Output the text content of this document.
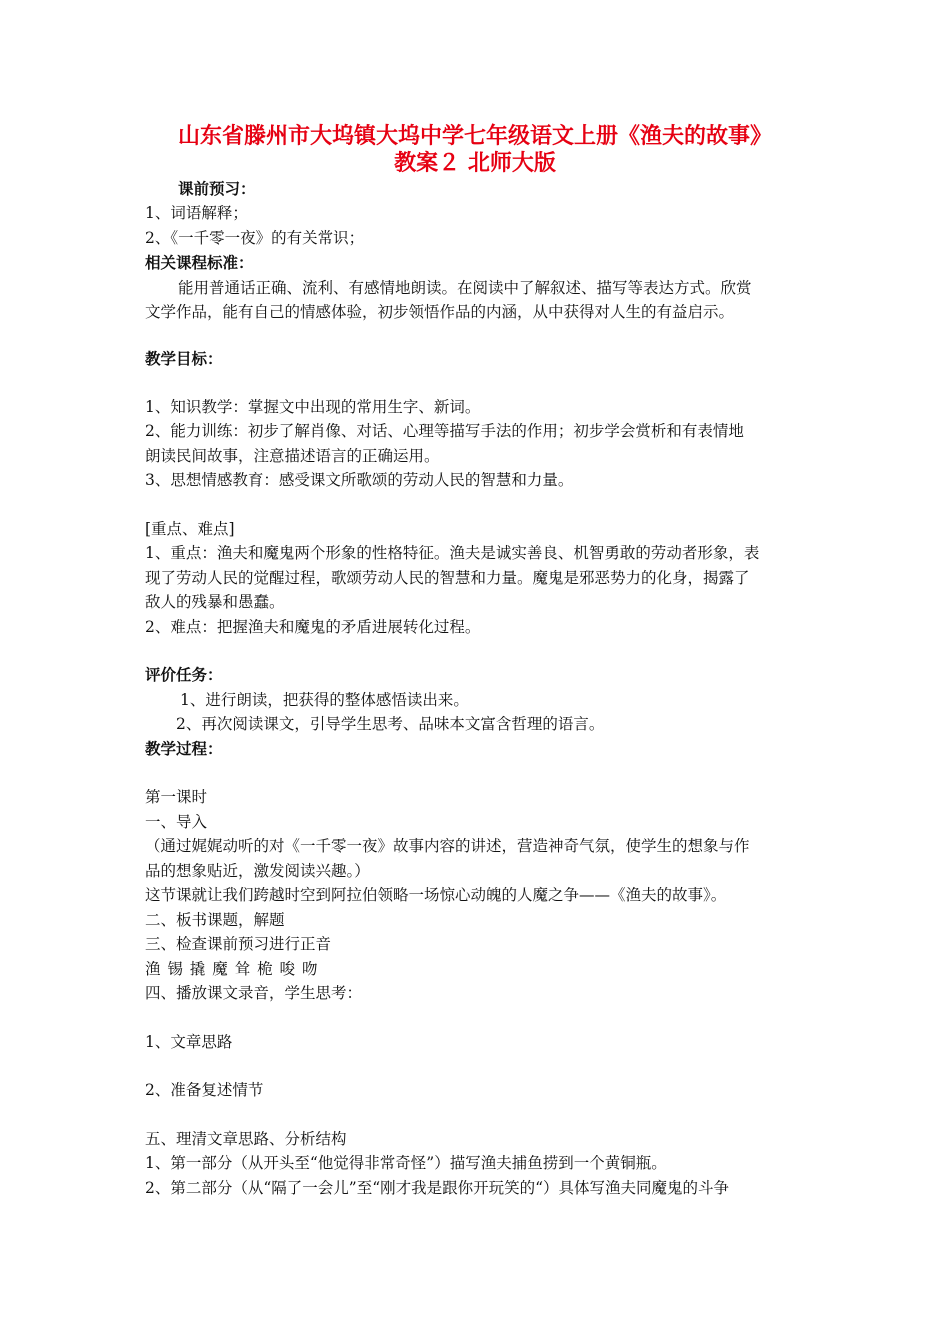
山东省滕州市大坞镇大坞中学七年级语文上册《渔夫的故事》
教案２ 北师大版
课前预习：
1、词语解释；
2、《一千零一夜》的有关常识；
相关课程标准：
能用普通话正确、流利、有感情地朗读。在阅读中了解叙述、描写等表达方式。欣赏
文学作品，能有自己的情感体验，初步领悟作品的内涵，从中获得对人生的有益启示。
教学目标：
1、知识教学：掌握文中出现的常用生字、新词。
2、能力训练：初步了解肖像、对话、心理等描写手法的作用；初步学会赏析和有表情地
朗读民间故事，注意描述语言的正确运用。
3、思想情感教育：感受课文所歌颂的劳动人民的智慧和力量。
[重点、难点]
1、重点：渔夫和魔鬼两个形象的性格特征。渔夫是诚实善良、机智勇敢的劳动者形象，表
现了劳动人民的觉醒过程，歌颂劳动人民的智慧和力量。魔鬼是邪恶势力的化身，揭露了
敌人的残暴和愚蠢。
2、难点：把握渔夫和魔鬼的矛盾进展转化过程。
评价任务：
1、进行朗读，把获得的整体感悟读出来。
2、再次阅读课文，引导学生思考、品味本文富含哲理的语言。
教学过程：
第一课时
一、导入
（通过娓娓动听的对《一千零一夜》故事内容的讲述，营造神奇气氛，使学生的想象与作
品的想象贴近，激发阅读兴趣。）
这节课就让我们跨越时空到阿拉伯领略一场惊心动魄的人魔之争——《渔夫的故事》。
二、板书课题，解题
三、检查课前预习进行正音
渔 锡 撬 魔 耸 桅 唆 吻
四、播放课文录音，学生思考：
1、文章思路
2、准备复述情节
五、理清文章思路、分析结构
1、第一部分（从开头至“他觉得非常奇怪”）描写渔夫捕鱼捞到一个黄铜瓶。
2、第二部分（从“隔了一会儿”至“刚才我是跟你开玩笑的“）具体写渔夫同魔鬼的斗争
